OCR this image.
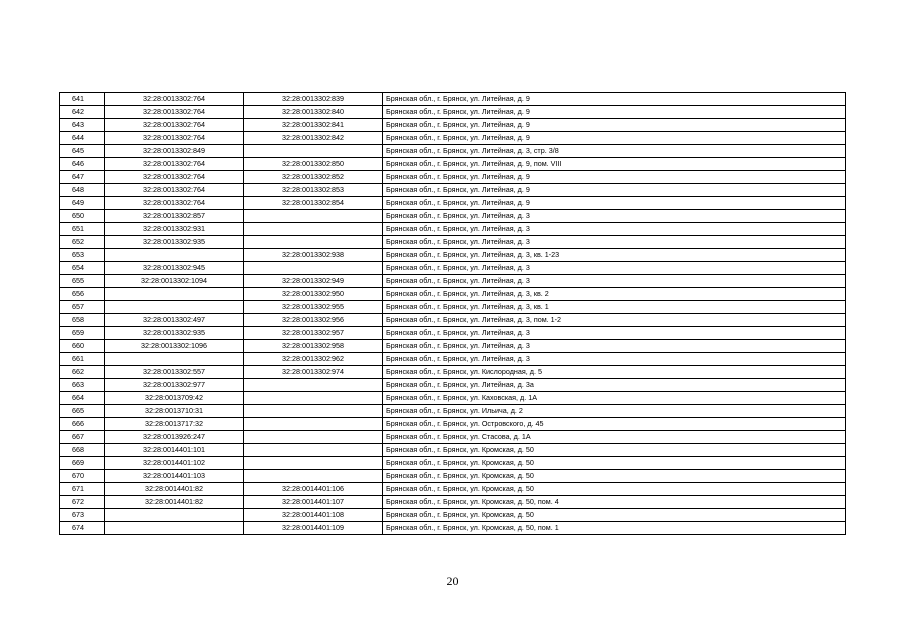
641	32:28:0013302:764	32:28:0013302:839	Брянская обл., г. Брянск, ул. Литейная, д. 9
642	32:28:0013302:764	32:28:0013302:840	Брянская обл., г. Брянск, ул. Литейная, д. 9
643	32:28:0013302:764	32:28:0013302:841	Брянская обл., г. Брянск, ул. Литейная, д. 9
644	32:28:0013302:764	32:28:0013302:842	Брянская обл., г. Брянск, ул. Литейная, д. 9
645	32:28:0013302:849		Брянская обл., г. Брянск, ул. Литейная, д. 3, стр. 3/8
646	32:28:0013302:764	32:28:0013302:850	Брянская обл., г. Брянск, ул. Литейная, д. 9, пом. VIII
647	32:28:0013302:764	32:28:0013302:852	Брянская обл., г. Брянск, ул. Литейная, д. 9
648	32:28:0013302:764	32:28:0013302:853	Брянская обл., г. Брянск, ул. Литейная, д. 9
649	32:28:0013302:764	32:28:0013302:854	Брянская обл., г. Брянск, ул. Литейная, д. 9
650	32:28:0013302:857		Брянская обл., г. Брянск, ул. Литейная, д. 3
651	32:28:0013302:931		Брянская обл., г. Брянск, ул. Литейная, д. 3
652	32:28:0013302:935		Брянская обл., г. Брянск, ул. Литейная, д. 3
653		32:28:0013302:938	Брянская обл., г. Брянск, ул. Литейная, д. 3, кв. 1-23
654	32:28:0013302:945		Брянская обл., г. Брянск, ул. Литейная, д. 3
655	32:28:0013302:1094	32:28:0013302:949	Брянская обл., г. Брянск, ул. Литейная, д. 3
656		32:28:0013302:950	Брянская обл., г. Брянск, ул. Литейная, д. 3, кв. 2
657		32:28:0013302:955	Брянская обл., г. Брянск, ул. Литейная, д. 3, кв. 1
658	32:28:0013302:497	32:28:0013302:956	Брянская обл., г. Брянск, ул. Литейная, д. 3, пом. 1-2
659	32:28:0013302:935	32:28:0013302:957	Брянская обл., г. Брянск, ул. Литейная, д. 3
660	32:28:0013302:1096	32:28:0013302:958	Брянская обл., г. Брянск, ул. Литейная, д. 3
661		32:28:0013302:962	Брянская обл., г. Брянск, ул. Литейная, д. 3
662	32:28:0013302:557	32:28:0013302:974	Брянская обл., г. Брянск, ул. Кислородная, д. 5
663	32:28:0013302:977		Брянская обл., г. Брянск, ул. Литейная, д. 3а
664	32:28:0013709:42		Брянская обл., г. Брянск, ул. Каховская, д. 1А
665	32:28:0013710:31		Брянская обл., г. Брянск, ул. Ильича, д. 2
666	32:28:0013717:32		Брянская обл., г. Брянск, ул. Островского, д. 45
667	32:28:0013926:247		Брянская обл., г. Брянск, ул. Стасова, д. 1А
668	32:28:0014401:101		Брянская обл., г. Брянск, ул. Кромская, д. 50
669	32:28:0014401:102		Брянская обл., г. Брянск, ул. Кромская, д. 50
670	32:28:0014401:103		Брянская обл., г. Брянск, ул. Кромская, д. 50
671	32:28:0014401:82	32:28:0014401:106	Брянская обл., г. Брянск, ул. Кромская, д. 50
672	32:28:0014401:82	32:28:0014401:107	Брянская обл., г. Брянск, ул. Кромская, д. 50, пом. 4
673		32:28:0014401:108	Брянская обл., г. Брянск, ул. Кромская, д. 50
674		32:28:0014401:109	Брянская обл., г. Брянск, ул. Кромская, д. 50, пом. 1
20
